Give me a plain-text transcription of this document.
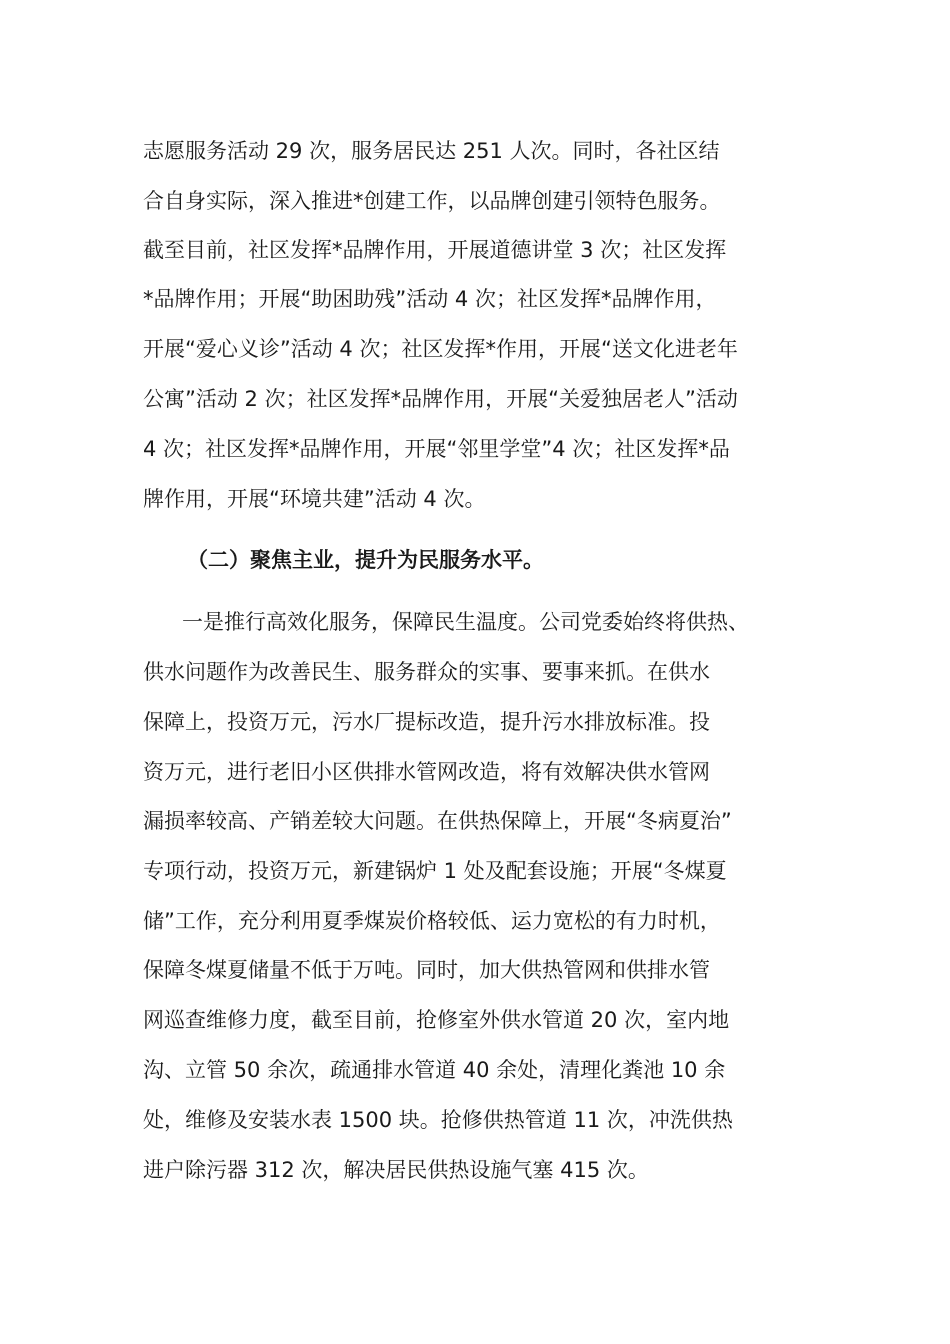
志愿服务活动 29 次，服务居民达 251 人次。同时，各社区结
合自身实际，深入推进*创建工作，以品牌创建引领特色服务。
截至目前，社区发挥*品牌作用，开展道德讲堂 3 次；社区发挥
*品牌作用；开展“助困助残”活动 4 次；社区发挥*品牌作用，
开展“爱心义诊”活动 4 次；社区发挥*作用，开展“送文化进老年
公寓”活动 2 次；社区发挥*品牌作用，开展“关爱独居老人”活动
4 次；社区发挥*品牌作用，开展“邻里学堂”4 次；社区发挥*品
牌作用，开展“环境共建”活动 4 次。
（二）聚焦主业，提升为民服务水平。
一是推行高效化服务，保障民生温度。公司党委始终将供热、
供水问题作为改善民生、服务群众的实事、要事来抓。在供水
保障上，投资万元，污水厂提标改造，提升污水排放标准。投
资万元，进行老旧小区供排水管网改造，将有效解决供水管网
漏损率较高、产销差较大问题。在供热保障上，开展“冬病夏治”
专项行动，投资万元，新建锅炉 1 处及配套设施；开展“冬煤夏
储”工作，充分利用夏季煤炭价格较低、运力宽松的有力时机，
保障冬煤夏储量不低于万吨。同时，加大供热管网和供排水管
网巡查维修力度，截至目前，抢修室外供水管道 20 次，室内地
沟、立管 50 余次，疏通排水管道 40 余处，清理化粪池 10 余
处，维修及安装水表 1500 块。抢修供热管道 11 次，冲洗供热
进户除污器 312 次，解决居民供热设施气塞 415 次。
